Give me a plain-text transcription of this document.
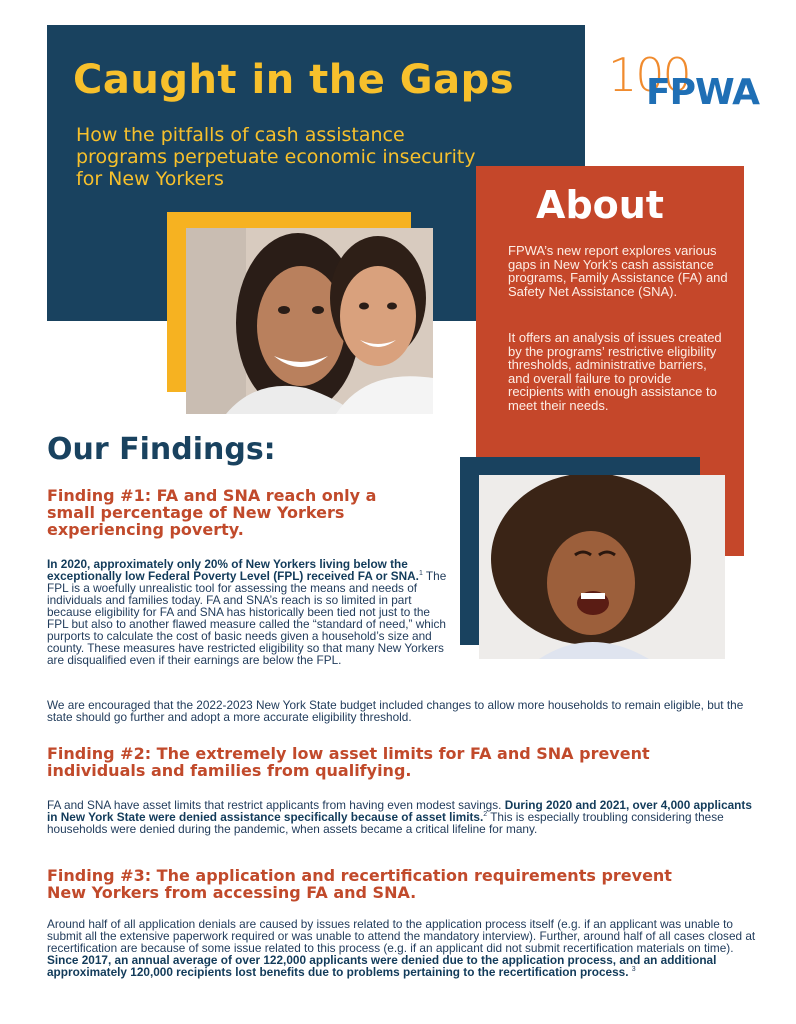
Caught in the Gaps

How the pitfalls of cash assistance programs perpetuate economic insecurity for New Yorkers

100
FPWA
About

FPWA’s new report explores various gaps in New York’s cash assistance programs, Family Assistance (FA) and Safety Net Assistance (SNA).

It offers an analysis of issues created by the programs’ restrictive eligibility thresholds, administrative barriers, and overall failure to provide recipients with enough assistance to meet their needs.

Our Findings:

Finding #1: FA and SNA reach only a small percentage of New Yorkers experiencing poverty.

In 2020, approximately only 20% of New Yorkers living below the exceptionally low Federal Poverty Level (FPL) received FA or SNA.$^1$ The FPL is a woefully unrealistic tool for assessing the means and needs of individuals and families today. FA and SNA’s reach is so limited in part because eligibility for FA and SNA has historically been tied not just to the FPL but also to another flawed measure called the “standard of need,” which purports to calculate the cost of basic needs given a household’s size and county. These measures have restricted eligibility so that many New Yorkers are disqualified even if their earnings are below the FPL.

We are encouraged that the 2022-2023 New York State budget included changes to allow more households to remain eligible, but the state should go further and adopt a more accurate eligibility threshold.

Finding #2: The extremely low asset limits for FA and SNA prevent individuals and families from qualifying.

FA and SNA have asset limits that restrict applicants from having even modest savings. During 2020 and 2021, over 4,000 applicants in New York State were denied assistance specifically because of asset limits.$^2$ This is especially troubling considering these households were denied during the pandemic, when assets became a critical lifeline for many.

Finding #3: The application and recertification requirements prevent New Yorkers from accessing FA and SNA.

Around half of all application denials are caused by issues related to the application process itself (e.g. if an applicant was unable to submit all the extensive paperwork required or was unable to attend the mandatory interview). Further, around half of all cases closed at recertification are because of some issue related to this process (e.g. if an applicant did not submit recertification materials on time). Since 2017, an annual average of over 122,000 applicants were denied due to the application process, and an additional approximately 120,000 recipients lost benefits due to problems pertaining to the recertification process. $^3$
